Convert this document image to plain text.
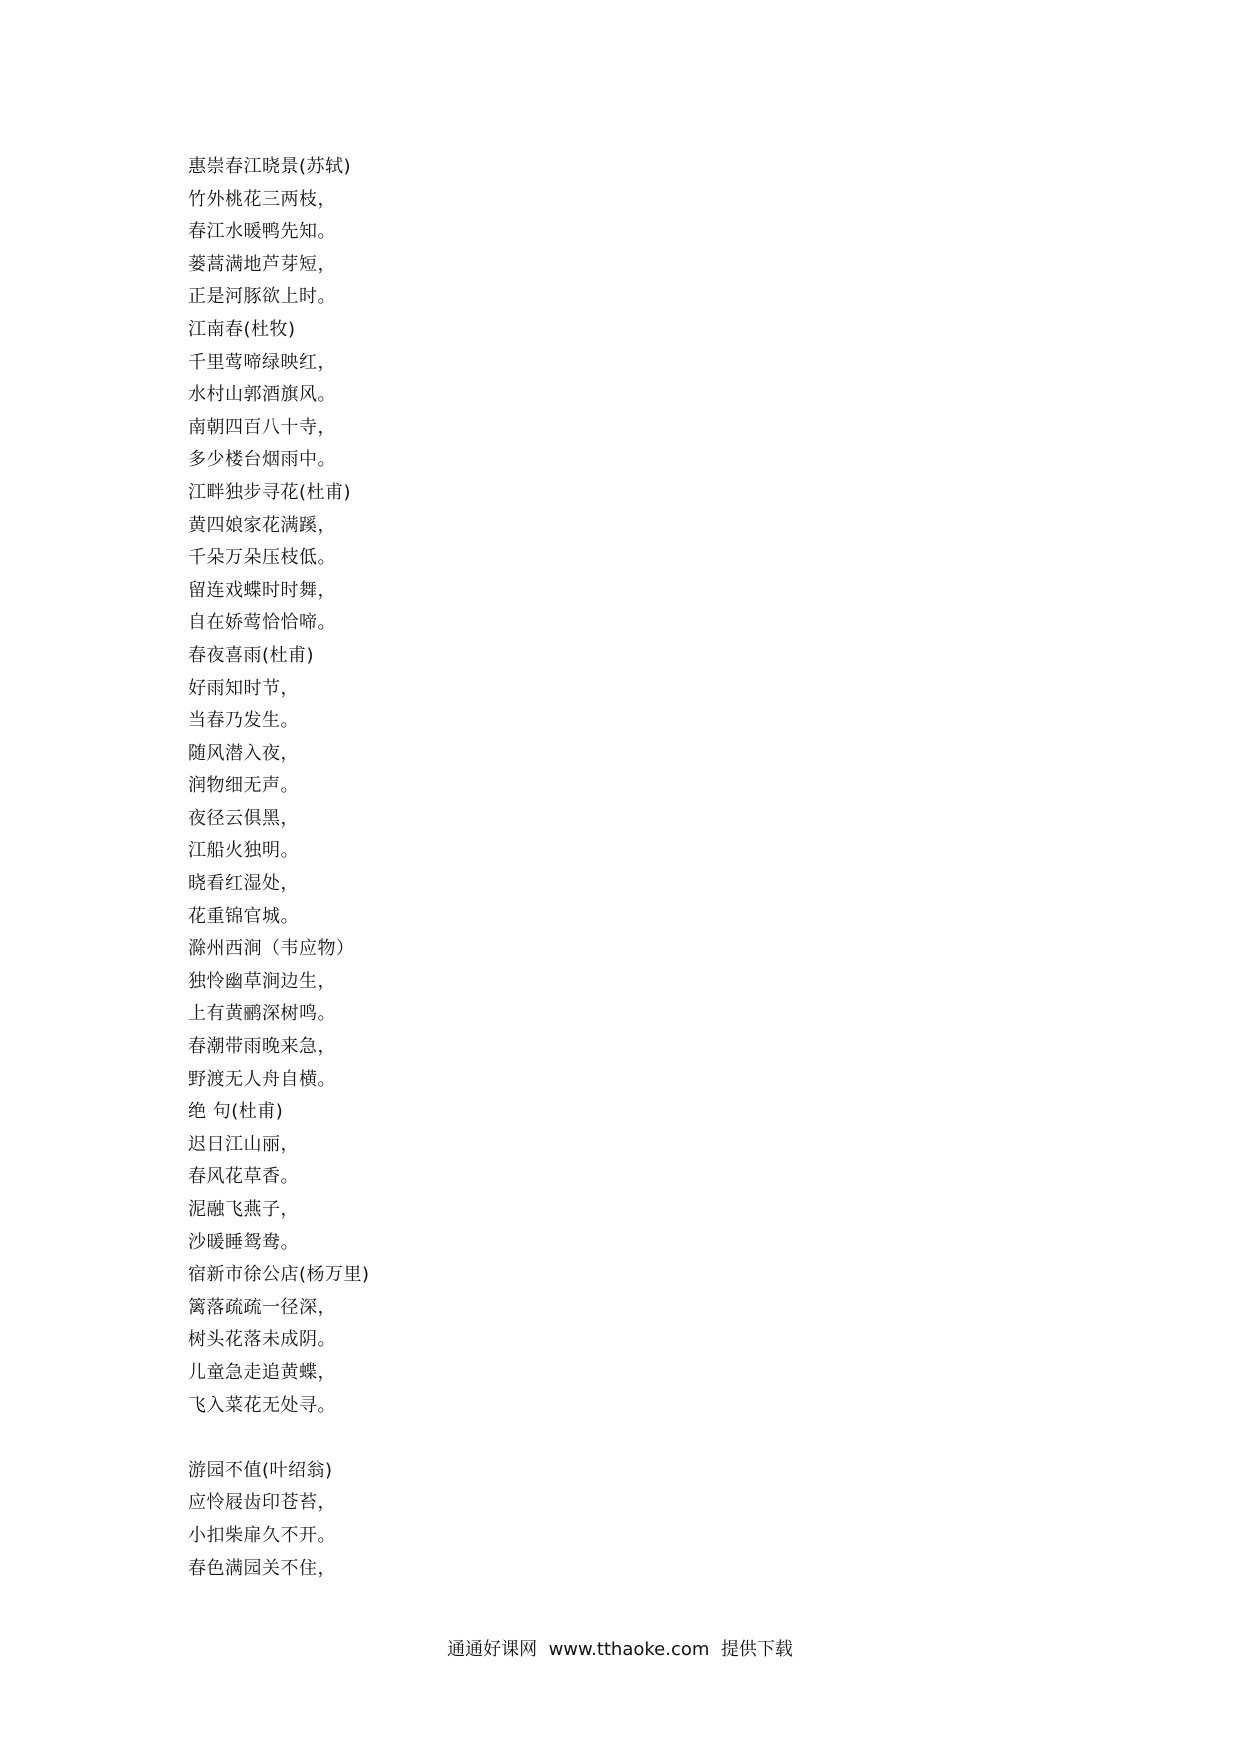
惠崇春江晓景(苏轼)
竹外桃花三两枝，
春江水暖鸭先知。
蒌蒿满地芦芽短，
正是河豚欲上时。
江南春(杜牧)
千里莺啼绿映红，
水村山郭酒旗风。
南朝四百八十寺，
多少楼台烟雨中。
江畔独步寻花(杜甫)
黄四娘家花满蹊，
千朵万朵压枝低。
留连戏蝶时时舞，
自在娇莺恰恰啼。
春夜喜雨(杜甫)
好雨知时节，
当春乃发生。
随风潜入夜，
润物细无声。
夜径云俱黑，
江船火独明。
晓看红湿处，
花重锦官城。
滁州西涧（韦应物）
独怜幽草涧边生，
上有黄鹂深树鸣。
春潮带雨晚来急，
野渡无人舟自横。
绝 句(杜甫)
迟日江山丽，
春风花草香。
泥融飞燕子，
沙暖睡鸳鸯。
宿新市徐公店(杨万里)
篱落疏疏一径深，
树头花落未成阴。
儿童急走追黄蝶，
飞入菜花无处寻。
游园不值(叶绍翁)
应怜屐齿印苍苔，
小扣柴扉久不开。
春色满园关不住，
通通好课网  www.tthaoke.com  提供下载
